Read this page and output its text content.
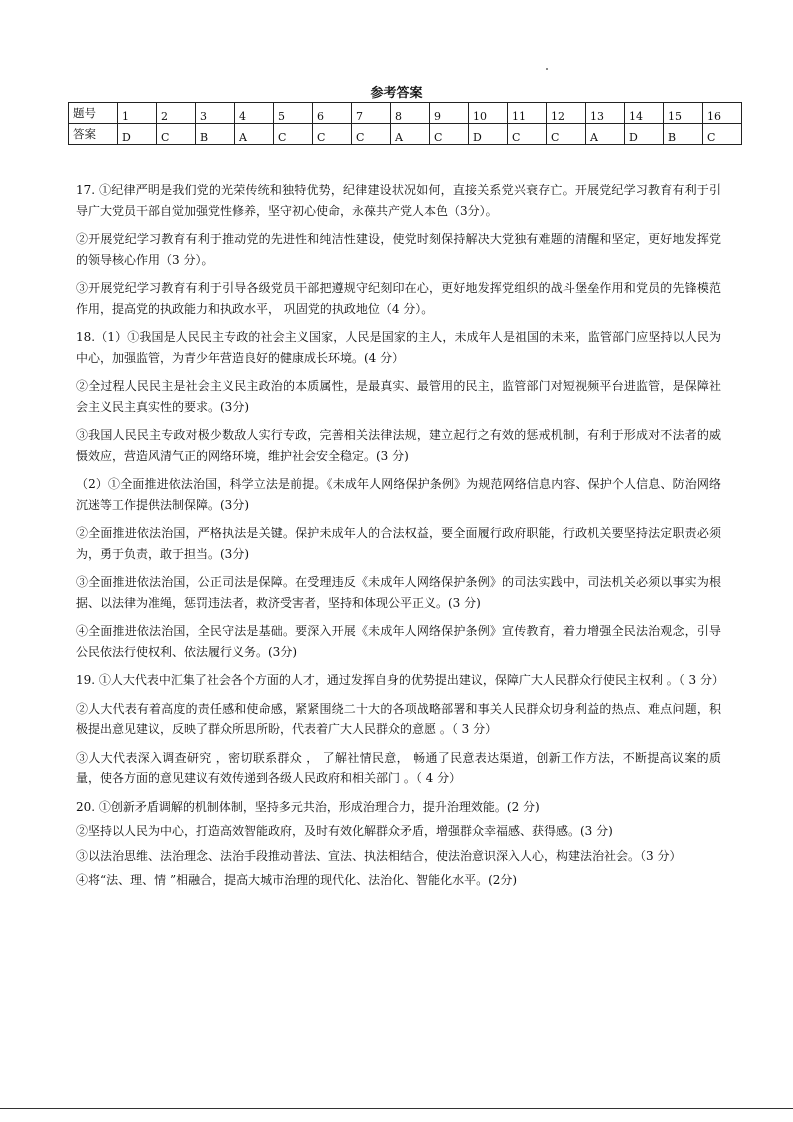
参考答案
题号	1	2	3	4	5	6	7	8	9	10	11	12	13	14	15	16
答案	D	C	B	A	C	C	C	A	C	D	C	C	A	D	B	C

17. ①纪律严明是我们党的光荣传统和独特优势，纪律建设状况如何，直接关系党兴衰存亡。开展党纪学习教育有利于引导广大党员干部自觉加强党性修养，坚守初心使命，永葆共产党人本色（3分）。

②开展党纪学习教育有利于推动党的先进性和纯洁性建设，使党时刻保持解决大党独有难题的清醒和坚定，更好地发挥党的领导核心作用（3 分）。

③开展党纪学习教育有利于引导各级党员干部把遵规守纪刻印在心，更好地发挥党组织的战斗堡垒作用和党员的先锋模范作用，提高党的执政能力和执政水平， 巩固党的执政地位（4 分）。

18.（1）①我国是人民民主专政的社会主义国家，人民是国家的主人，未成年人是祖国的未来，监管部门应坚持以人民为中心，加强监管，为青少年营造良好的健康成长环境。(4 分）

②全过程人民民主是社会主义民主政治的本质属性，是最真实、最管用的民主，监管部门对短视频平台进监管，是保障社会主义民主真实性的要求。(3分)

③我国人民民主专政对极少数敌人实行专政，完善相关法律法规，建立起行之有效的惩戒机制，有利于形成对不法者的威慑效应，营造风清气正的网络环境，维护社会安全稳定。(3 分)

（2）①全面推进依法治国，科学立法是前提。《未成年人网络保护条例》为规范网络信息内容、保护个人信息、防治网络沉迷等工作提供法制保障。(3分)

②全面推进依法治国，严格执法是关键。保护未成年人的合法权益，要全面履行政府职能，行政机关要坚持法定职责必须为，勇于负责，敢于担当。(3分)

③全面推进依法治国，公正司法是保障。在受理违反《未成年人网络保护条例》的司法实践中，司法机关必须以事实为根据、以法律为准绳，惩罚违法者，救济受害者，坚持和体现公平正义。(3 分)

④全面推进依法治国，全民守法是基础。要深入开展《未成年人网络保护条例》宣传教育，着力增强全民法治观念，引导公民依法行使权利、依法履行义务。(3分)

19. ①人大代表中汇集了社会各个方面的人才，通过发挥自身的优势提出建议，保障广大人民群众行使民主权利 。（ 3 分）

②人大代表有着高度的责任感和使命感，紧紧围绕二十大的各项战略部署和事关人民群众切身利益的热点、难点问题，积极提出意见建议，反映了群众所思所盼，代表着广大人民群众的意愿 。（ 3 分）

③人大代表深入调查研究 ，密切联系群众 ， 了解社情民意， 畅通了民意表达渠道，创新工作方法，不断提高议案的质量，使各方面的意见建议有效传递到各级人民政府和相关部门 。（ 4 分）

20. ①创新矛盾调解的机制体制，坚持多元共治，形成治理合力，提升治理效能。(2 分)

②坚持以人民为中心，打造高效智能政府，及时有效化解群众矛盾，增强群众幸福感、获得感。(3 分)

③以法治思维、法治理念、法治手段推动普法、宣法、执法相结合，使法治意识深入人心，构建法治社会。（3 分）

④将“法、理、情 ”相融合，提高大城市治理的现代化、法治化、智能化水平。(2分)
